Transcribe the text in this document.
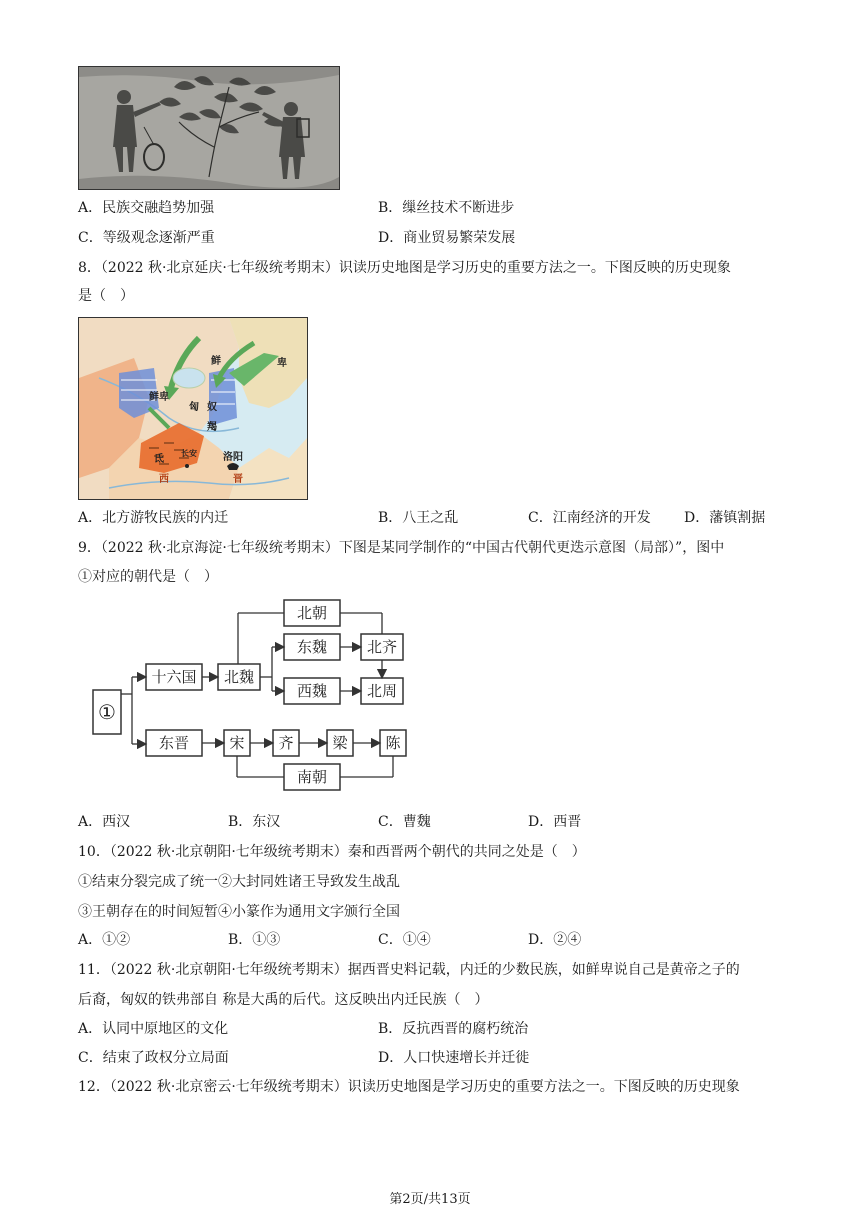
A．民族交融趋势加强	B．缫丝技术不断进步
C．等级观念逐渐严重	D．商业贸易繁荣发展
8．（2022 秋·北京延庆·七年级统考期末）识读历史地图是学习历史的重要方法之一。下图反映的历史现象
是（　）
鲜	卑
鲜卑
匈 奴
羯
氐
长安	洛阳
西	晋
A．北方游牧民族的内迁	B．八王之乱	C．江南经济的开发 D．藩镇割据
9．（2022 秋·北京海淀·七年级统考期末）下图是某同学制作的“中国古代朝代更迭示意图（局部）”，图中
①对应的朝代是（　）
①
十六国 北魏
北朝
东魏
西魏
北齐
北周
东晋	宋 齐	梁	陈
南朝
A．西汉	B．东汉	C．曹魏	D．西晋
10．（2022 秋·北京朝阳·七年级统考期末）秦和西晋两个朝代的共同之处是（　）
①结束分裂完成了统一②大封同姓诸王导致发生战乱
③王朝存在的时间短暂④小篆作为通用文字颁行全国
A．①②	B．①③	C．①④	D．②④
11．（2022 秋·北京朝阳·七年级统考期末）据西晋史料记载，内迁的少数民族，如鲜卑说自己是黄帝之子的
后裔，匈奴的铁弗部自 称是大禹的后代。这反映出内迁民族（　）
A．认同中原地区的文化	B．反抗西晋的腐朽统治
C．结束了政权分立局面	D．人口快速增长并迁徙
12．（2022 秋·北京密云·七年级统考期末）识读历史地图是学习历史的重要方法之一。下图反映的历史现象
第2页/共13页
